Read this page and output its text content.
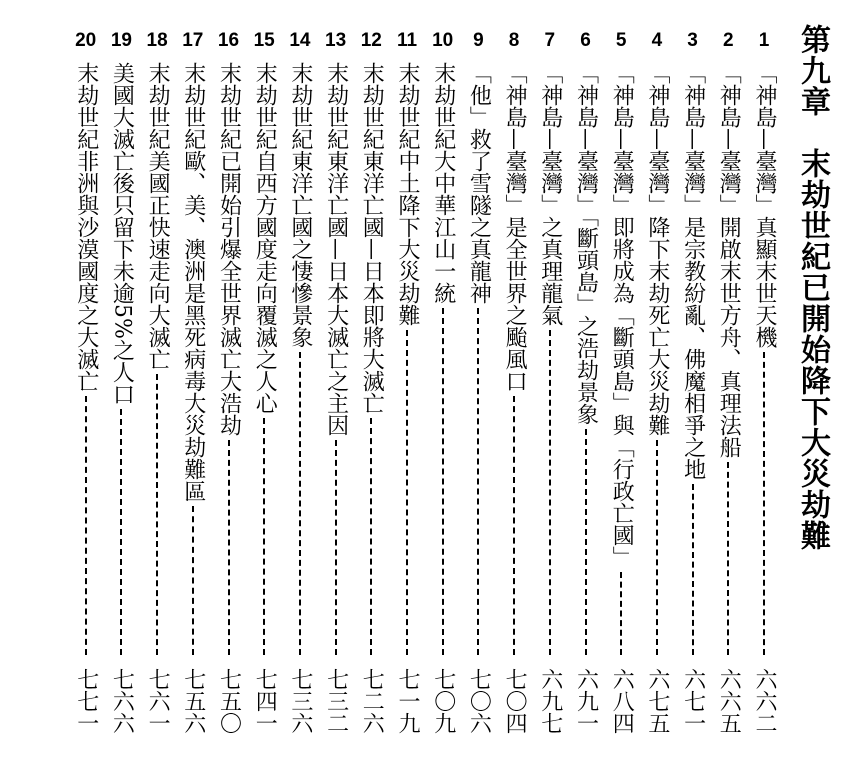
第九章　末劫世紀已開始降下大災劫難
1
「神島—臺灣」真顯末世天機
六六二
2
「神島—臺灣」開啟末世方舟、真理法船
六六五
3
「神島—臺灣」是宗教紛亂、佛魔相爭之地
六七一
4
「神島—臺灣」降下末劫死亡大災劫難
六七五
5
「神島—臺灣」即將成為「斷頭島」與「行政亡國」
六八四
6
「神島—臺灣」「斷頭島」之浩劫景象
六九一
7
「神島—臺灣」之真理龍氣
六九七
8
「神島—臺灣」是全世界之颱風口
七〇四
9
「他」救了雪隧之真龍神
七〇六
10
末劫世紀大中華江山一統
七〇九
11
末劫世紀中土降下大災劫難
七一九
12
末劫世紀東洋亡國—日本即將大滅亡
七二六
13
末劫世紀東洋亡國—日本大滅亡之主因
七三二
14
末劫世紀東洋亡國之悽慘景象
七三六
15
末劫世紀自西方國度走向覆滅之人心
七四一
16
末劫世紀已開始引爆全世界滅亡大浩劫
七五〇
17
末劫世紀歐、美、澳洲是黑死病毒大災劫難區
七五六
18
末劫世紀美國正快速走向大滅亡
七六一
19
美國大滅亡後只留下未逾5%之人口
七六六
20
末劫世紀非洲與沙漠國度之大滅亡
七七一
